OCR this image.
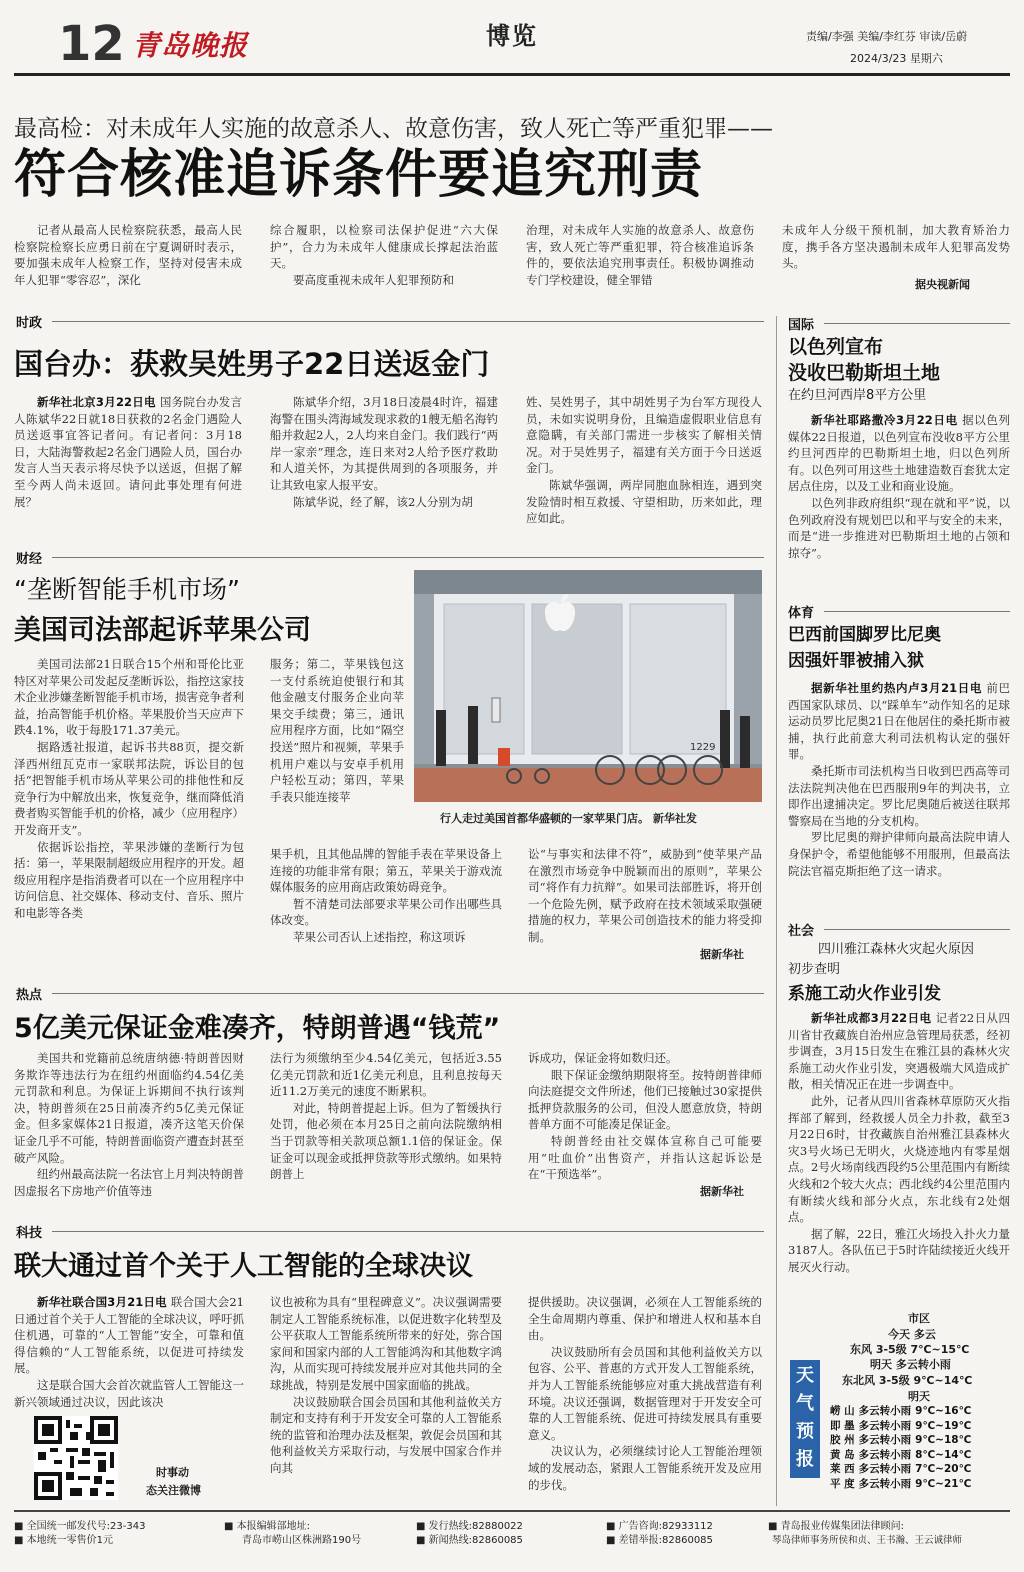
12 青岛晚报	博览	责编/李强 美编/李红芬 审读/岳蔚
2024/3/23 星期六
最高检：对未成年人实施的故意杀人、故意伤害，致人死亡等严重犯罪——
符合核准追诉条件要追究刑责
记者从最高人民检察院获悉，最高人民检察院检察长应勇日前在宁夏调研时表示，要加强未成年人检察工作，坚持对侵害未成年人犯罪“零容忍”，深化

综合履职，以检察司法保护促进“六大保护”，合力为未成年人健康成长撑起法治蓝天。

要高度重视未成年人犯罪预防和

治理，对未成年人实施的故意杀人、故意伤害，致人死亡等严重犯罪，符合核准追诉条件的，要依法追究刑事责任。积极协调推动专门学校建设，健全罪错

未成年人分级干预机制，加大教育矫治力度，携手各方坚决遏制未成年人犯罪高发势头。

据央视新闻

时政
国台办：获救吴姓男子22日送返金门

新华社北京3月22日电 国务院台办发言人陈斌华22日就18日获救的2名金门遇险人员送返事宜答记者问。有记者问：3月18日，大陆海警救起2名金门遇险人员，国台办发言人当天表示将尽快予以送返，但据了解至今两人尚未返回。请问此事处理有何进展？

陈斌华介绍，3月18日凌晨4时许，福建海警在围头湾海域发现求救的1艘无船名海钓船并救起2人，2人均来自金门。我们践行“两岸一家亲”理念，连日来对2人给予医疗救助和人道关怀，为其提供周到的各项服务，并让其致电家人报平安。

陈斌华说，经了解，该2人分别为胡

姓、吴姓男子，其中胡姓男子为台军方现役人员，未如实说明身份，且编造虚假职业信息有意隐瞒，有关部门需进一步核实了解相关情况。对于吴姓男子，福建有关方面于今日送返金门。

陈斌华强调，两岸同胞血脉相连，遇到突发险情时相互救援、守望相助，历来如此，理应如此。

财经
“垄断智能手机市场”
美国司法部起诉苹果公司
1229
行人走过美国首都华盛顿的一家苹果门店。 新华社发

美国司法部21日联合15个州和哥伦比亚特区对苹果公司发起反垄断诉讼，指控这家技术企业涉嫌垄断智能手机市场，损害竞争者利益，抬高智能手机价格。苹果股价当天应声下跌4.1%，收于每股171.37美元。

据路透社报道，起诉书共88页，提交新泽西州纽瓦克市一家联邦法院，诉讼目的包括“把智能手机市场从苹果公司的排他性和反竞争行为中解放出来，恢复竞争，继而降低消费者购买智能手机的价格，减少（应用程序）开发商开支”。

依据诉讼指控，苹果涉嫌的垄断行为包括：第一，苹果限制超级应用程序的开发。超级应用程序是指消费者可以在一个应用程序中访问信息、社交媒体、移动支付、音乐、照片和电影等各类

服务；第二，苹果钱包这一支付系统迫使银行和其他金融支付服务企业向苹果交手续费；第三，通讯应用程序方面，比如“隔空投送”照片和视频，苹果手机用户难以与安卓手机用户轻松互动；第四，苹果手表只能连接苹

果手机，且其他品牌的智能手表在苹果设备上连接的功能非常有限；第五，苹果关于游戏流媒体服务的应用商店政策妨碍竞争。

暂不清楚司法部要求苹果公司作出哪些具体改变。

苹果公司否认上述指控，称这项诉

讼“与事实和法律不符”，威胁到“使苹果产品在激烈市场竞争中脱颖而出的原则”，苹果公司“将作有力抗辩”。如果司法部胜诉，将开创一个危险先例，赋予政府在技术领域采取强硬措施的权力，苹果公司创造技术的能力将受抑制。

据新华社

热点
5亿美元保证金难凑齐，特朗普遇“钱荒”

美国共和党籍前总统唐纳德·特朗普因财务欺诈等违法行为在纽约州面临约4.54亿美元罚款和利息。为保证上诉期间不执行该判决，特朗普须在25日前凑齐约5亿美元保证金。但多家媒体21日报道，凑齐这笔天价保证金几乎不可能，特朗普面临资产遭查封甚至破产风险。

纽约州最高法院一名法官上月判决特朗普因虚报名下房地产价值等违

法行为须缴纳至少4.54亿美元，包括近3.55亿美元罚款和近1亿美元利息，且利息按每天近11.2万美元的速度不断累积。

对此，特朗普提起上诉。但为了暂缓执行处罚，他必须在本月25日之前向法院缴纳相当于罚款等相关款项总额1.1倍的保证金。保证金可以现金或抵押贷款等形式缴纳。如果特朗普上

诉成功，保证金将如数归还。

眼下保证金缴纳期限将至。按特朗普律师向法庭提交文件所述，他们已接触过30家提供抵押贷款服务的公司，但没人愿意放贷，特朗普单方面不可能凑足保证金。

特朗普经由社交媒体宣称自己可能要用“吐血价”出售资产，并指认这起诉讼是在“干预选举”。

据新华社

科技
联大通过首个关于人工智能的全球决议

新华社联合国3月21日电 联合国大会21日通过首个关于人工智能的全球决议，呼吁抓住机遇，可靠的“人工智能”安全，可靠和值得信赖的“人工智能系统，以促进可持续发展。

这是联合国大会首次就监管人工智能这一新兴领域通过决议，因此该决

时事动
态关注微博

议也被称为具有“里程碑意义”。决议强调需要制定人工智能系统标准，以促进数字化转型及公平获取人工智能系统所带来的好处，弥合国家间和国家内部的人工智能鸿沟和其他数字鸿沟，从而实现可持续发展并应对其他共同的全球挑战，特别是发展中国家面临的挑战。

决议鼓励联合国会员国和其他利益攸关方制定和支持有利于开发安全可靠的人工智能系统的监管和治理办法及框架，敦促会员国和其他利益攸关方采取行动，与发展中国家合作并向其

提供援助。决议强调，必须在人工智能系统的全生命周期内尊重、保护和增进人权和基本自由。

决议鼓励所有会员国和其他利益攸关方以包容、公平、普惠的方式开发人工智能系统，并为人工智能系统能够应对重大挑战营造有利环境。决议还强调，数据管理对于开发安全可靠的人工智能系统、促进可持续发展具有重要意义。

决议认为，必须继续讨论人工智能治理领域的发展动态，紧跟人工智能系统开发及应用的步伐。

国际
以色列宣布
没收巴勒斯坦土地
在约旦河西岸8平方公里

新华社耶路撒冷3月22日电 据以色列媒体22日报道，以色列宣布没收8平方公里约旦河西岸的巴勒斯坦土地，归以色列所有。以色列可用这些土地建造数百套犹太定居点住房，以及工业和商业设施。

以色列非政府组织“现在就和平”说，以色列政府没有规划巴以和平与安全的未来，而是“进一步推进对巴勒斯坦土地的占领和掠夺”。

体育
巴西前国脚罗比尼奥
因强奸罪被捕入狱

据新华社里约热内卢3月21日电 前巴西国家队球员、以“踩单车”动作知名的足球运动员罗比尼奥21日在他居住的桑托斯市被捕，执行此前意大利司法机构认定的强奸罪。

桑托斯市司法机构当日收到巴西高等司法法院判决他在巴西服刑9年的判决书，立即作出逮捕决定。罗比尼奥随后被送往联邦警察局在当地的分支机构。

罗比尼奥的辩护律师向最高法院申请人身保护令，希望他能够不用服刑，但最高法院法官福克斯拒绝了这一请求。

社会
四川雅江森林火灾起火原因
初步查明
系施工动火作业引发

新华社成都3月22日电 记者22日从四川省甘孜藏族自治州应急管理局获悉，经初步调查，3月15日发生在雅江县的森林火灾系施工动火作业引发，突遇极端大风造成扩散，相关情况正在进一步调查中。

此外，记者从四川省森林草原防灭火指挥部了解到，经救援人员全力扑救，截至3月22日6时，甘孜藏族自治州雅江县森林火灾3号火场已无明火，火烧迹地内有零星烟点。2号火场南线西段约5公里范围内有断续火线和2个较大火点；西北线约4公里范围内有断续火线和部分火点，东北线有2处烟点。

据了解，22日，雅江火场投入扑火力量3187人。各队伍已于5时许陆续接近火线开展灭火行动。

天气预报
市区
今天 多云
东风 3-5级 7℃~15℃
明天 多云转小雨
东北风 3-5级 9℃~14℃
明天
崂 山	多云转小雨	9℃~16℃
即 墨	多云转小雨	9℃~19℃
胶 州	多云转小雨	9℃~18℃
黄 岛	多云转小雨	8℃~14℃
莱 西	多云转小雨	7℃~20℃
平 度	多云转小雨	9℃~21℃
■ 全国统一邮发代号:23-343
■ 本地统一零售价1元
■ 本报编辑部地址:
青岛市崂山区株洲路190号
■ 发行热线:82880022
■ 新闻热线:82860085
■ 广告咨询:82933112
■ 差错举报:82860085
■ 青岛报业传媒集团法律顾问:
琴岛律师事务所侯和贞、王书瀚、王云诚律师
